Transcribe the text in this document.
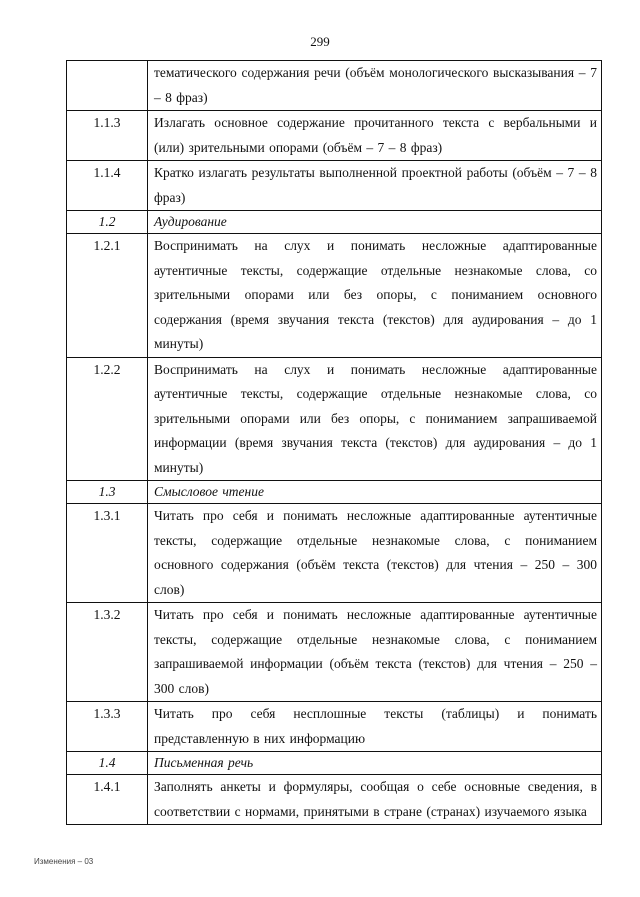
299
	тематического содержания речи (объём монологического высказывания – 7 – 8 фраз)
1.1.3	Излагать основное содержание прочитанного текста с вербальными и (или) зрительными опорами (объём – 7 – 8 фраз)
1.1.4	Кратко излагать результаты выполненной проектной работы (объём – 7 – 8 фраз)
1.2	Аудирование
1.2.1	Воспринимать на слух и понимать несложные адаптированные аутентичные тексты, содержащие отдельные незнакомые слова, со зрительными опорами или без опоры, с пониманием основного содержания (время звучания текста (текстов) для аудирования – до 1 минуты)
1.2.2	Воспринимать на слух и понимать несложные адаптированные аутентичные тексты, содержащие отдельные незнакомые слова, со зрительными опорами или без опоры, с пониманием запрашиваемой информации (время звучания текста (текстов) для аудирования – до 1 минуты)
1.3	Смысловое чтение
1.3.1	Читать про себя и понимать несложные адаптированные аутентичные тексты, содержащие отдельные незнакомые слова, с пониманием основного содержания (объём текста (текстов) для чтения – 250 – 300 слов)
1.3.2	Читать про себя и понимать несложные адаптированные аутентичные тексты, содержащие отдельные незнакомые слова, с пониманием запрашиваемой информации (объём текста (текстов) для чтения – 250 – 300 слов)
1.3.3	Читать про себя несплошные тексты (таблицы) и понимать представленную в них информацию
1.4	Письменная речь
1.4.1	Заполнять анкеты и формуляры, сообщая о себе основные сведения, в соответствии с нормами, принятыми в стране (странах) изучаемого языка
Изменения – 03
